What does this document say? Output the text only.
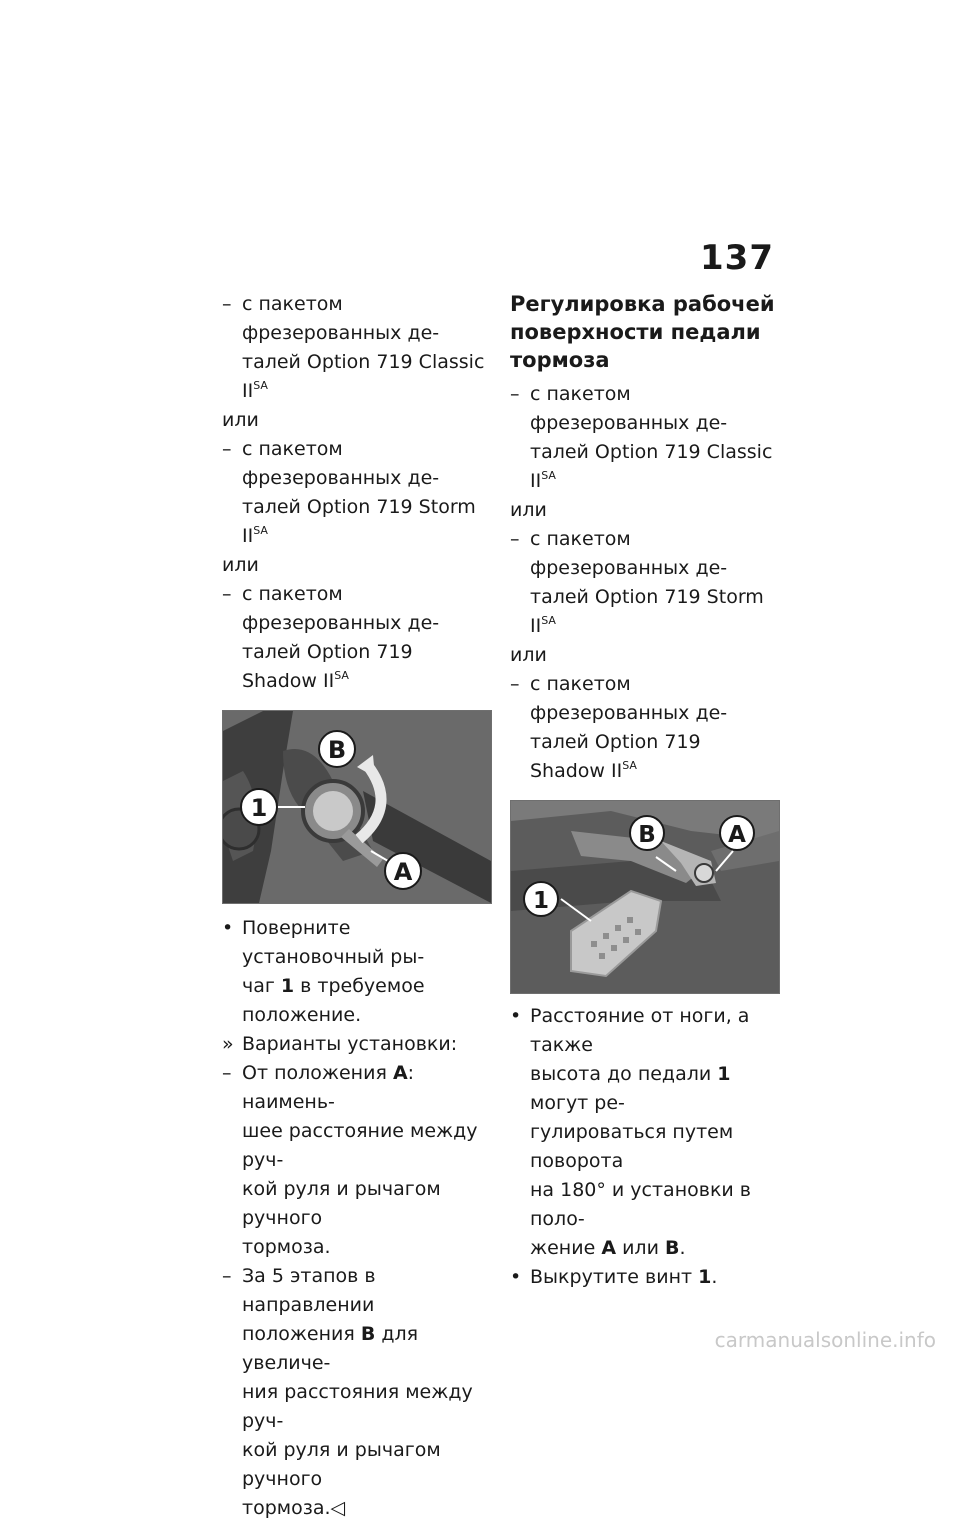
137
– с пакетом фрезерованных де-
талей Option 719 Classic $II^{SA}$
или
– с пакетом фрезерованных де-
талей Option 719 Storm $II^{SA}$
или
– с пакетом фрезерованных де-
талей Option 719 Shadow $II^{SA}$
B
1
A
• Поверните установочный ры-
чаг 1 в требуемое положение.
» Варианты установки:
– От положения A: наимень-
шее расстояние между руч-
кой руля и рычагом ручного
тормоза.
– За 5 этапов в направлении
положения B для увеличе-
ния расстояния между руч-
кой руля и рычагом ручного
тормоза.◁
Регулировка рабочей
поверхности педали
тормоза
– с пакетом фрезерованных де-
талей Option 719 Classic $II^{SA}$
или
– с пакетом фрезерованных де-
талей Option 719 Storm $II^{SA}$
или
– с пакетом фрезерованных де-
талей Option 719 Shadow $II^{SA}$
B	A
1
• Расстояние от ноги, а также
высота до педали 1 могут ре-
гулироваться путем поворота
на 180° и установки в поло-
жение A или B.
• Выкрутите винт 1.
carmanualsonline.info
